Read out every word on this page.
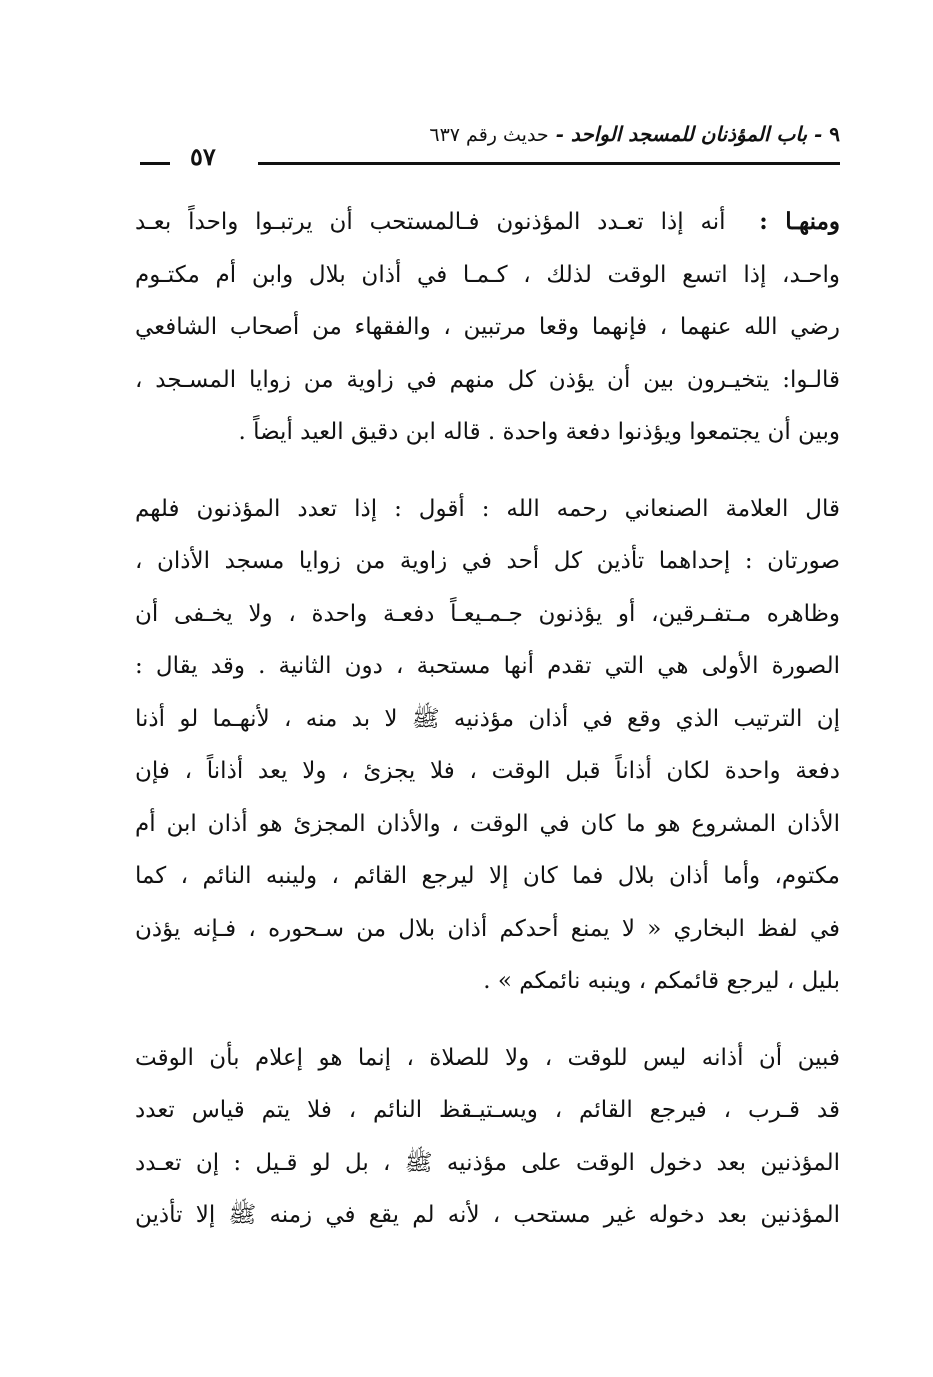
٩ - باب المؤذنان للمسجد الواحد - حديث رقم ٦٣٧
٥٧
ومنهـا :  أنه إذا تعـدد المؤذنون فـالمستحب أن يرتبـوا واحداً بعـد
واحـد، إذا اتسع الوقت لذلك ، كـمـا في أذان بلال وابن أم مكتـوم
رضي الله عنهما ، فإنهما وقعا مرتبين ، والفقهاء من أصحاب الشافعي
قالـوا: يتخيـرون بين أن يؤذن كل منهم في زاوية من زوايا المسـجد ،
وبين أن يجتمعوا ويؤذنوا دفعة واحدة . قاله ابن دقيق العيد أيضاً .
قال العلامة الصنعاني رحمه الله : أقول : إذا تعدد المؤذنون فلهم
صورتان : إحداهما تأذين كل أحد في زاوية من زوايا مسجد الأذان ،
وظاهره مـتفـرقين، أو يؤذنون جـمـيعـاً دفعـة واحدة ، ولا يخـفى أن
الصورة الأولى هي التي تقدم أنها مستحبة ، دون الثانية . وقد يقال :
إن الترتيب الذي وقع في أذان مؤذنيه ﷺ لا بد منه ، لأنهـما لو أذنا
دفعة واحدة لكان أذاناً قبل الوقت ، فلا يجزئ ، ولا يعد أذاناً ، فإن
الأذان المشروع هو ما كان في الوقت ، والأذان المجزئ هو أذان ابن أم
مكتوم، وأما أذان بلال فما كان إلا ليرجع القائم ، ولينبه النائم ، كما
في لفظ البخاري « لا يمنع أحدكم أذان بلال من سـحوره ، فـإنه يؤذن
بليل ، ليرجع قائمكم ، وينبه نائمكم » .
فبين أن أذانه ليس للوقت ، ولا للصلاة ، إنما هو إعلام بأن الوقت
قد قـرب ، فيرجع القائم ، ويسـتيـقظ النائم ، فلا يتم قياس تعدد
المؤذنين بعد دخول الوقت على مؤذنيه ﷺ ، بل لو قـيل : إن تعـدد
المؤذنين بعد دخوله غير مستحب ، لأنه لم يقع في زمنه ﷺ إلا تأذين
